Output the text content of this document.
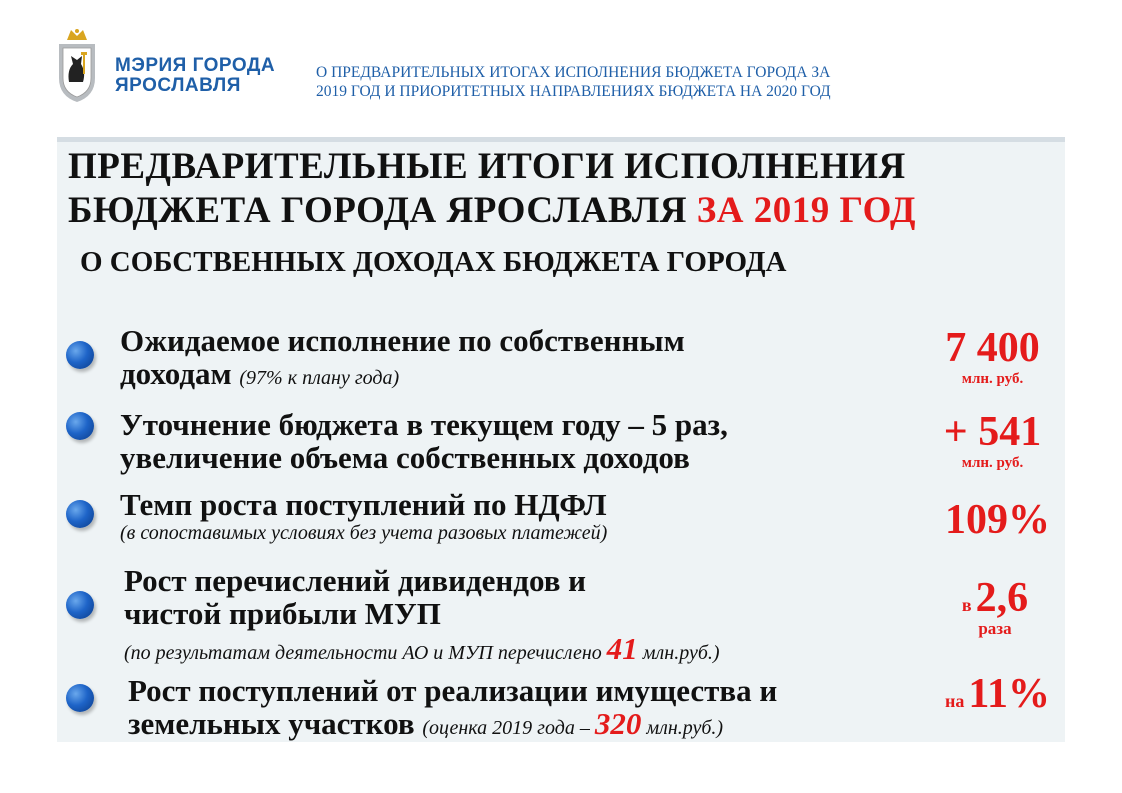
МЭРИЯ ГОРОДА
ЯРОСЛАВЛЯ
О ПРЕДВАРИТЕЛЬНЫХ ИТОГАХ ИСПОЛНЕНИЯ БЮДЖЕТА ГОРОДА ЗА
2019 ГОД И ПРИОРИТЕТНЫХ НАПРАВЛЕНИЯХ БЮДЖЕТА НА 2020 ГОД
ПРЕДВАРИТЕЛЬНЫЕ ИТОГИ ИСПОЛНЕНИЯ
БЮДЖЕТА ГОРОДА ЯРОСЛАВЛЯ ЗА 2019 ГОД
О СОБСТВЕННЫХ ДОХОДАХ БЮДЖЕТА ГОРОДА
Ожидаемое исполнение по собственным
доходам (97% к плану года)
7 400
млн. руб.
Уточнение бюджета в текущем году – 5 раз,
увеличение объема собственных доходов
+ 541
млн. руб.
Темп роста поступлений по НДФЛ
(в сопоставимых условиях без учета разовых платежей)	109%
Рост перечислений дивидендов и
чистой прибыли МУП
(по результатам деятельности АО и МУП перечислено 41 млн.руб.)
в 2,6
раза
Рост поступлений от реализации имущества и
земельных участков (оценка 2019 года – 320 млн.руб.)
на 11%
